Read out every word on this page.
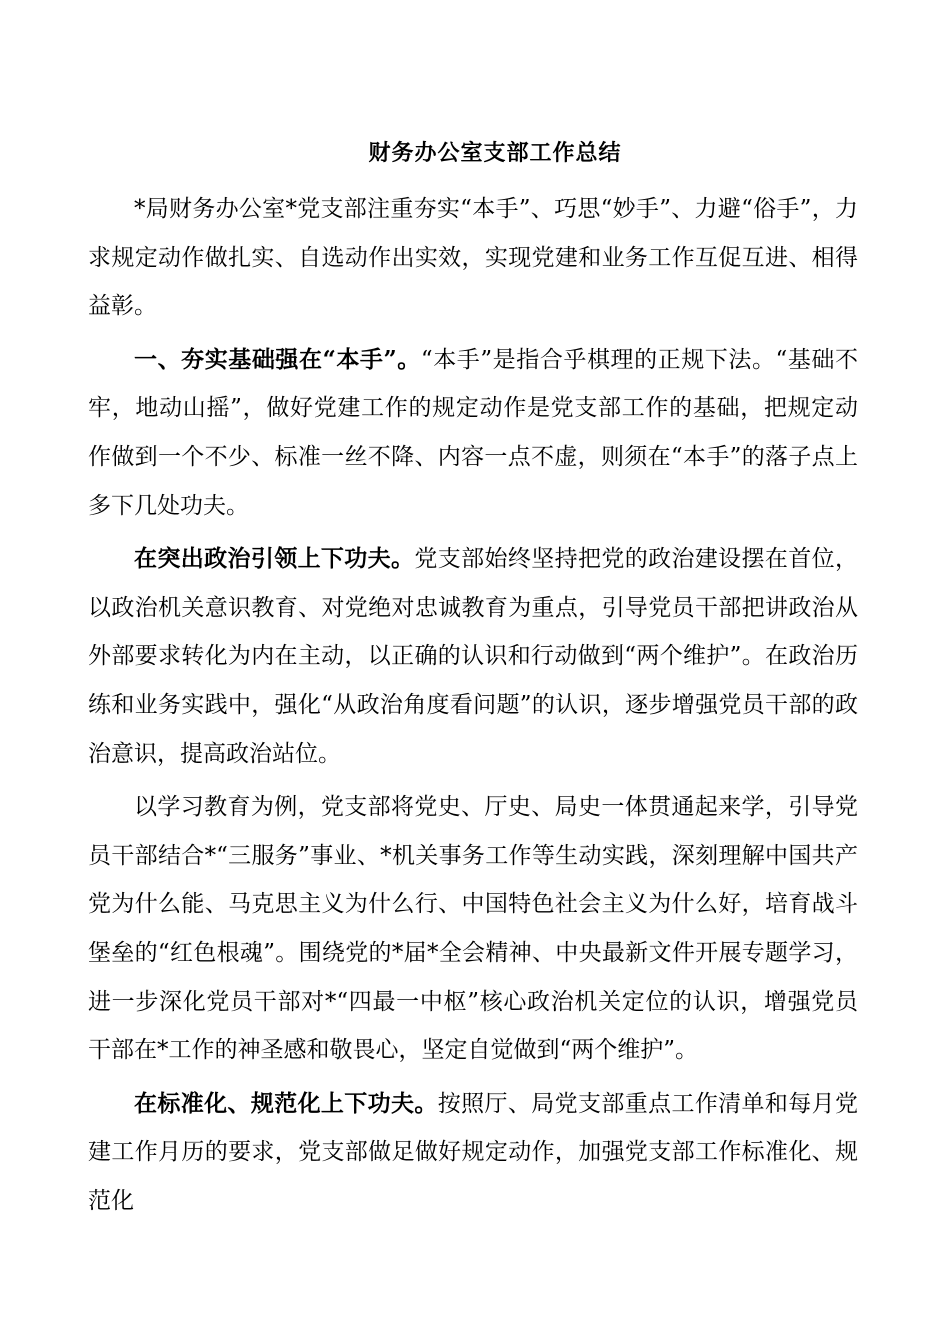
财务办公室支部工作总结

*局财务办公室*党支部注重夯实“本手”、巧思“妙手”、力避“俗手”，力求规定动作做扎实、自选动作出实效，实现党建和业务工作互促互进、相得益彰。

一、夯实基础强在“本手”。“本手”是指合乎棋理的正规下法。“基础不牢，地动山摇”，做好党建工作的规定动作是党支部工作的基础，把规定动作做到一个不少、标准一丝不降、内容一点不虚，则须在“本手”的落子点上多下几处功夫。

在突出政治引领上下功夫。党支部始终坚持把党的政治建设摆在首位，以政治机关意识教育、对党绝对忠诚教育为重点，引导党员干部把讲政治从外部要求转化为内在主动，以正确的认识和行动做到“两个维护”。在政治历练和业务实践中，强化“从政治角度看问题”的认识，逐步增强党员干部的政治意识，提高政治站位。

以学习教育为例，党支部将党史、厅史、局史一体贯通起来学，引导党员干部结合*“三服务”事业、*机关事务工作等生动实践，深刻理解中国共产党为什么能、马克思主义为什么行、中国特色社会主义为什么好，培育战斗堡垒的“红色根魂”。围绕党的*届*全会精神、中央最新文件开展专题学习，进一步深化党员干部对*“四最一中枢”核心政治机关定位的认识，增强党员干部在*工作的神圣感和敬畏心，坚定自觉做到“两个维护”。

在标准化、规范化上下功夫。按照厅、局党支部重点工作清单和每月党建工作月历的要求，党支部做足做好规定动作，加强党支部工作标准化、规范化
